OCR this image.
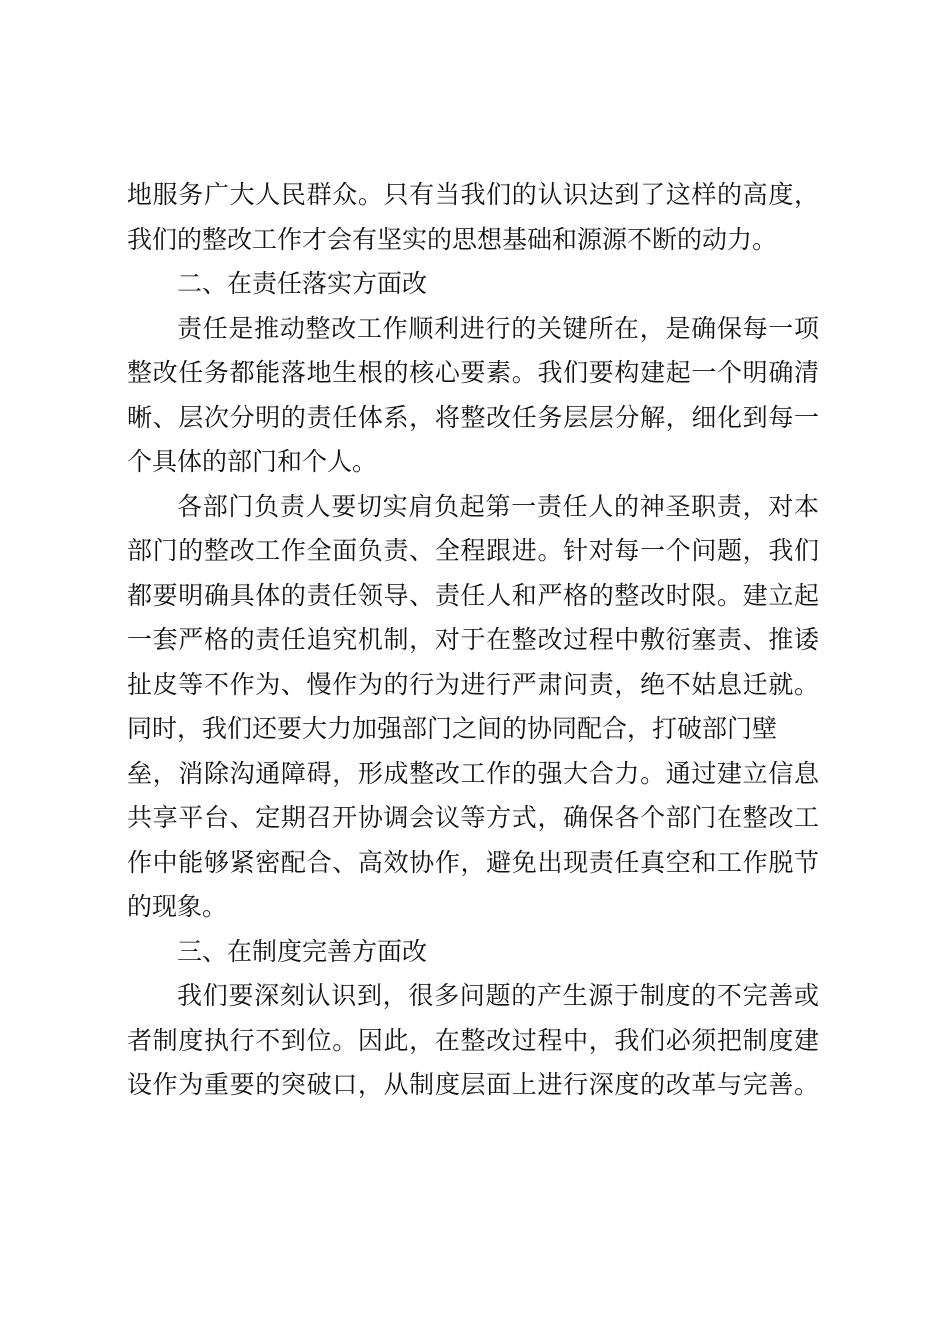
地服务广大人民群众。只有当我们的认识达到了这样的高度，
我们的整改工作才会有坚实的思想基础和源源不断的动力。
二、在责任落实方面改
责任是推动整改工作顺利进行的关键所在，是确保每一项
整改任务都能落地生根的核心要素。我们要构建起一个明确清
晰、层次分明的责任体系，将整改任务层层分解，细化到每一
个具体的部门和个人。
各部门负责人要切实肩负起第一责任人的神圣职责，对本
部门的整改工作全面负责、全程跟进。针对每一个问题，我们
都要明确具体的责任领导、责任人和严格的整改时限。建立起
一套严格的责任追究机制，对于在整改过程中敷衍塞责、推诿
扯皮等不作为、慢作为的行为进行严肃问责，绝不姑息迁就。
同时，我们还要大力加强部门之间的协同配合，打破部门壁
垒，消除沟通障碍，形成整改工作的强大合力。通过建立信息
共享平台、定期召开协调会议等方式，确保各个部门在整改工
作中能够紧密配合、高效协作，避免出现责任真空和工作脱节
的现象。
三、在制度完善方面改
我们要深刻认识到，很多问题的产生源于制度的不完善或
者制度执行不到位。因此，在整改过程中，我们必须把制度建
设作为重要的突破口，从制度层面上进行深度的改革与完善。
